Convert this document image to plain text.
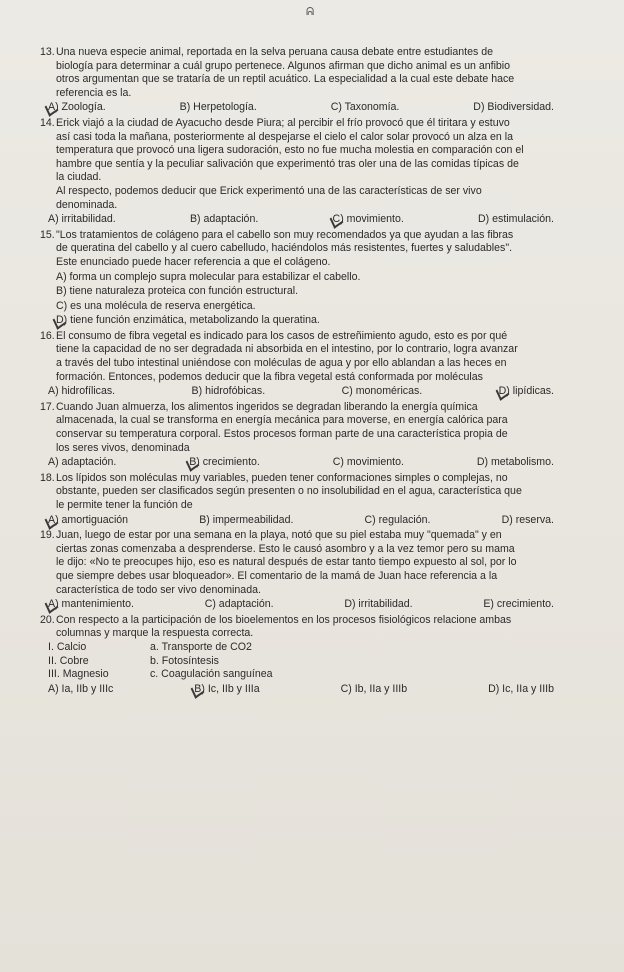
ᕱ
13.Una nueva especie animal, reportada en la selva peruana causa debate entre estudiantes de
biología para determinar a cuál grupo pertenece. Algunos afirman que dicho animal es un anfibio
otros argumentan que se trataría de un reptil acuático. La especialidad a la cual este debate hace
referencia es la.
A) Zoología.	B) Herpetología.	C) Taxonomía.	D) Biodiversidad.
14.Erick viajó a la ciudad de Ayacucho desde Piura; al percibir el frío provocó que él tiritara y estuvo
así casi toda la mañana, posteriormente al despejarse el cielo el calor solar provocó un alza en la
temperatura que provocó una ligera sudoración, esto no fue mucha molestia en comparación con el
hambre que sentía y la peculiar salivación que experimentó tras oler una de las comidas típicas de
la ciudad.
Al respecto, podemos deducir que Erick experimentó una de las características de ser vivo
denominada.
A) irritabilidad.	B) adaptación.	C) movimiento.	D) estimulación.
15."Los tratamientos de colágeno para el cabello son muy recomendados ya que ayudan a las fibras
de queratina del cabello y al cuero cabelludo, haciéndolos más resistentes, fuertes y saludables".
Este enunciado puede hacer referencia a que el colágeno.
A) forma un complejo supra molecular para estabilizar el cabello.
B) tiene naturaleza proteica con función estructural.
C) es una molécula de reserva energética.
D) tiene función enzimática, metabolizando la queratina.
16.El consumo de fibra vegetal es indicado para los casos de estreñimiento agudo, esto es por qué
tiene la capacidad de no ser degradada ni absorbida en el intestino, por lo contrario, logra avanzar
a través del tubo intestinal uniéndose con moléculas de agua y por ello ablandan a las heces en
formación. Entonces, podemos deducir que la fibra vegetal está conformada por moléculas
A) hidrofílicas.	B) hidrofóbicas.	C) monoméricas.	D) lipídicas.
17.Cuando Juan almuerza, los alimentos ingeridos se degradan liberando la energía química
almacenada, la cual se transforma en energía mecánica para moverse, en energía calórica para
conservar su temperatura corporal. Estos procesos forman parte de una característica propia de
los seres vivos, denominada
A) adaptación.	B) crecimiento.	C) movimiento.	D) metabolismo.
18.Los lípidos son moléculas muy variables, pueden tener conformaciones simples o complejas, no
obstante, pueden ser clasificados según presenten o no insolubilidad en el agua, característica que
le permite tener la función de
A) amortiguación	B) impermeabilidad.	C) regulación.	D) reserva.
19.Juan, luego de estar por una semana en la playa, notó que su piel estaba muy "quemada" y en
ciertas zonas comenzaba a desprenderse. Esto le causó asombro y a la vez temor pero su mama
le dijo: «No te preocupes hijo, eso es natural después de estar tanto tiempo expuesto al sol, por lo
que siempre debes usar bloqueador». El comentario de la mamá de Juan hace referencia a la
característica de todo ser vivo denominada.
A) mantenimiento.	C) adaptación.	D) irritabilidad.	E) crecimiento.
20.Con respecto a la participación de los bioelementos en los procesos fisiológicos relacione ambas
columnas y marque la respuesta correcta.
I. Calcio	a. Transporte de CO2
II. Cobre	b. Fotosíntesis
III. Magnesio	c. Coagulación sanguínea
A) Ia, IIb y IIIc	B) Ic, IIb y IIIa	C) Ib, IIa y IIIb	D) Ic, IIa y IIIb
